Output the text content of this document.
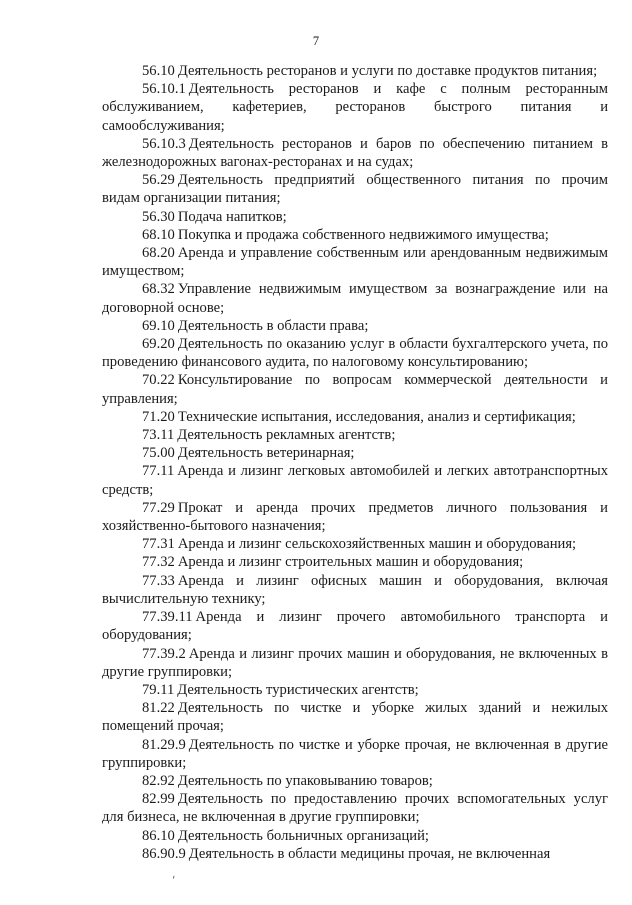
7

56.10 Деятельность ресторанов и услуги по доставке продуктов питания;

56.10.1 Деятельность ресторанов и кафе с полным ресторанным обслуживанием, кафетериев, ресторанов быстрого питания и самообслуживания;

56.10.3 Деятельность ресторанов и баров по обеспечению питанием в железнодорожных вагонах-ресторанах и на судах;

56.29 Деятельность предприятий общественного питания по прочим видам организации питания;

56.30 Подача напитков;

68.10 Покупка и продажа собственного недвижимого имущества;

68.20 Аренда и управление собственным или арендованным недвижимым имуществом;

68.32 Управление недвижимым имуществом за вознаграждение или на договорной основе;

69.10 Деятельность в области права;

69.20 Деятельность по оказанию услуг в области бухгалтерского учета, по проведению финансового аудита, по налоговому консультированию;

70.22 Консультирование по вопросам коммерческой деятельности и управления;

71.20 Технические испытания, исследования, анализ и сертификация;

73.11 Деятельность рекламных агентств;

75.00 Деятельность ветеринарная;

77.11 Аренда и лизинг легковых автомобилей и легких автотранспортных средств;

77.29 Прокат и аренда прочих предметов личного пользования и хозяйственно-бытового назначения;

77.31 Аренда и лизинг сельскохозяйственных машин и оборудования;

77.32 Аренда и лизинг строительных машин и оборудования;

77.33 Аренда и лизинг офисных машин и оборудования, включая вычислительную технику;

77.39.11 Аренда и лизинг прочего автомобильного транспорта и оборудования;

77.39.2 Аренда и лизинг прочих машин и оборудования, не включенных в другие группировки;

79.11 Деятельность туристических агентств;

81.22 Деятельность по чистке и уборке жилых зданий и нежилых помещений прочая;

81.29.9 Деятельность по чистке и уборке прочая, не включенная в другие группировки;

82.92 Деятельность по упаковыванию товаров;

82.99 Деятельность по предоставлению прочих вспомогательных услуг для бизнеса, не включенная в другие группировки;

86.10 Деятельность больничных организаций;

86.90.9 Деятельность в области медицины прочая, не включенная

⸲
